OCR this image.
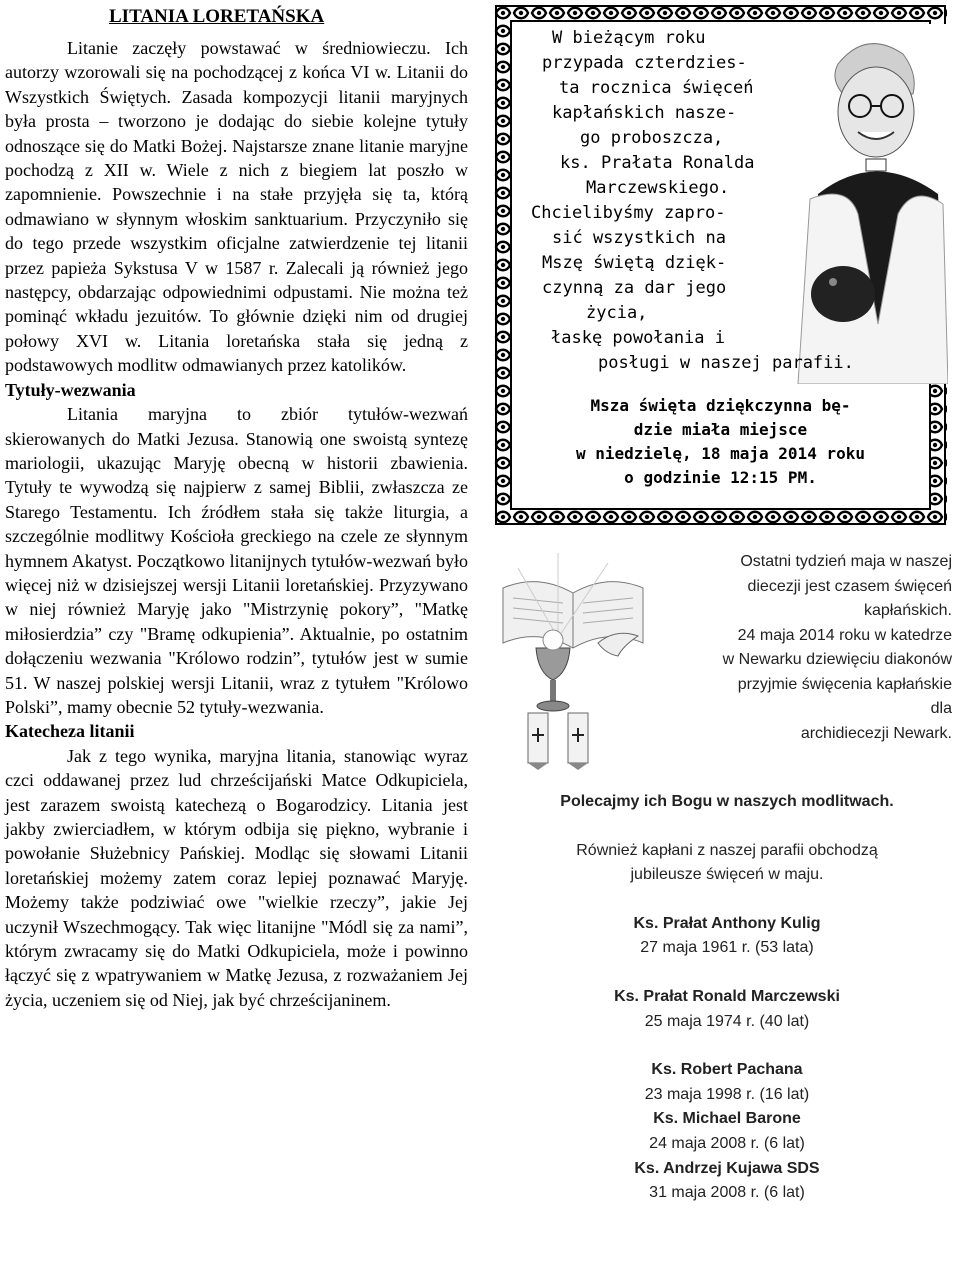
LITANIA LORETAŃSKA

Litanie zaczęły powstawać w średniowieczu. Ich autorzy wzorowali się na pochodzącej z końca VI w. Litanii do Wszystkich Świętych. Zasada kompozycji litanii maryjnych była prosta – tworzono je dodając do siebie kolejne tytuły odnoszące się do Matki Bożej. Najstarsze znane litanie maryjne pochodzą z XII w. Wiele z nich z biegiem lat poszło w zapomnienie. Powszechnie i na stałe przyjęła się ta, którą odmawiano w słynnym włoskim sanktuarium. Przyczyniło się do tego przede wszystkim oficjalne zatwierdzenie tej litanii przez papieża Sykstusa V w 1587 r. Zalecali ją również jego następcy, obdarzając odpowiednimi odpustami. Nie można też pominąć wkładu jezuitów. To głównie dzięki nim od drugiej połowy XVI w. Litania loretańska stała się jedną z podstawowych modlitw odmawianych przez katolików.

Tytuły-wezwania

Litania maryjna to zbiór tytułów-wezwań skierowanych do Matki Jezusa. Stanowią one swoistą syntezę mariologii, ukazując Maryję obecną w historii zbawienia. Tytuły te wywodzą się najpierw z samej Biblii, zwłaszcza ze Starego Testamentu. Ich źródłem stała się także liturgia, a szczególnie modlitwy Kościoła greckiego na czele ze słynnym hymnem Akatyst. Początkowo litanijnych tytułów-wezwań było więcej niż w dzisiejszej wersji Litanii loretańskiej. Przyzywano w niej również Maryję jako "Mistrzynię pokory”, "Matkę miłosierdzia” czy "Bramę odkupienia”. Aktualnie, po ostatnim dołączeniu wezwania "Królowo rodzin”, tytułów jest w sumie 51. W naszej polskiej wersji Litanii, wraz z tytułem "Królowo Polski”, mamy obecnie 52 tytuły-wezwania.

Katecheza litanii

Jak z tego wynika, maryjna litania, stanowiąc wyraz czci oddawanej przez lud chrześcijański Matce Odkupiciela, jest zarazem swoistą katechezą o Bogarodzicy. Litania jest jakby zwierciadłem, w którym odbija się piękno, wybranie i powołanie Służebnicy Pańskiej. Modląc się słowami Litanii loretańskiej możemy zatem coraz lepiej poznawać Maryję. Możemy także podziwiać owe "wielkie rzeczy”, jakie Jej uczynił Wszechmogący. Tak więc litanijne "Módl się za nami”, którym zwracamy się do Matki Odkupiciela, może i powinno łączyć się z wpatrywaniem w Matkę Jezusa, z rozważaniem Jej życia, uczeniem się od Niej, jak być chrześcijaninem.

W bieżącym roku
przypada czterdzies-
ta rocznica święceń
kapłańskich nasze-
go proboszcza,
ks. Prałata Ronalda
Marczewskiego.
Chcielibyśmy zapro-
sić wszystkich na
Mszę świętą dzięk-
czynną za dar jego
życia,
łaskę powołania i
posługi w naszej parafii.
Msza święta dziękczynna bę-
dzie miała miejsce
w niedzielę, 18 maja 2014 roku
o godzinie 12:15 PM.
Ostatni tydzień maja w naszej
diecezji jest czasem święceń
kapłańskich.
24 maja 2014 roku w katedrze
w Newarku dziewięciu diakonów
przyjmie święcenia kapłańskie
dla
archidiecezji Newark.
Polecajmy ich Bogu w naszych modlitwach.
Również kapłani z naszej parafii obchodzą
jubileusze święceń w maju.
Ks. Prałat Anthony Kulig
27 maja 1961 r. (53 lata)
Ks. Prałat Ronald Marczewski
25 maja 1974 r. (40 lat)
Ks. Robert Pachana
23 maja 1998 r. (16 lat)
Ks. Michael Barone
24 maja 2008 r. (6 lat)
Ks. Andrzej Kujawa SDS
31 maja 2008 r. (6 lat)
